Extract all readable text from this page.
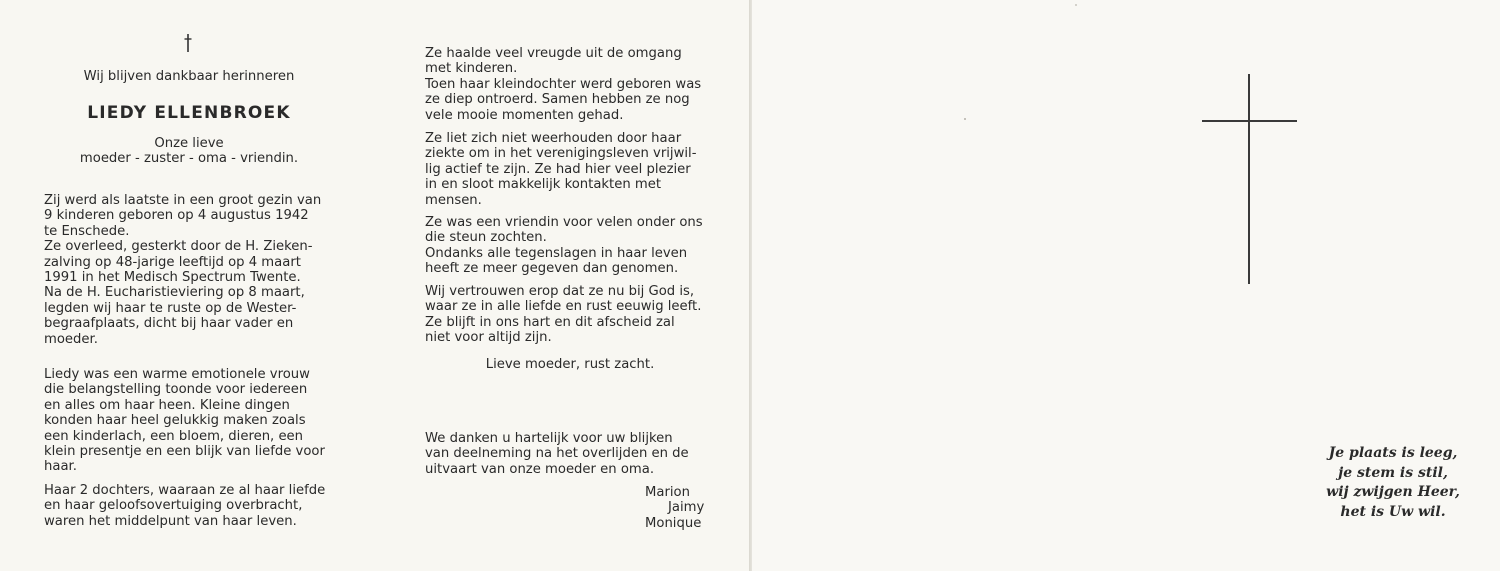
Wij blijven dankbaar herinneren
LIEDY ELLENBROEK
Onze lieve
moeder - zuster - oma - vriendin.
Zij werd als laatste in een groot gezin van
9 kinderen geboren op 4 augustus 1942
te Enschede.
Ze overleed, gesterkt door de H. Zieken-
zalving op 48-jarige leeftijd op 4 maart
1991 in het Medisch Spectrum Twente.
Na de H. Eucharistieviering op 8 maart,
legden wij haar te ruste op de Wester-
begraafplaats, dicht bij haar vader en
moeder.
Liedy was een warme emotionele vrouw
die belangstelling toonde voor iedereen
en alles om haar heen. Kleine dingen
konden haar heel gelukkig maken zoals
een kinderlach, een bloem, dieren, een
klein presentje en een blijk van liefde voor
haar.
Haar 2 dochters, waaraan ze al haar liefde
en haar geloofsovertuiging overbracht,
waren het middelpunt van haar leven.
Ze haalde veel vreugde uit de omgang
met kinderen.
Toen haar kleindochter werd geboren was
ze diep ontroerd. Samen hebben ze nog
vele mooie momenten gehad.
Ze liet zich niet weerhouden door haar
ziekte om in het verenigingsleven vrijwil-
lig actief te zijn. Ze had hier veel plezier
in en sloot makkelijk kontakten met
mensen.
Ze was een vriendin voor velen onder ons
die steun zochten.
Ondanks alle tegenslagen in haar leven
heeft ze meer gegeven dan genomen.
Wij vertrouwen erop dat ze nu bij God is,
waar ze in alle liefde en rust eeuwig leeft.
Ze blijft in ons hart en dit afscheid zal
niet voor altijd zijn.
Lieve moeder, rust zacht.
We danken u hartelijk voor uw blijken
van deelneming na het overlijden en de
uitvaart van onze moeder en oma.
Marion
Jaimy
Monique
Je plaats is leeg,
je stem is stil,
wij zwijgen Heer,
het is Uw wil.
